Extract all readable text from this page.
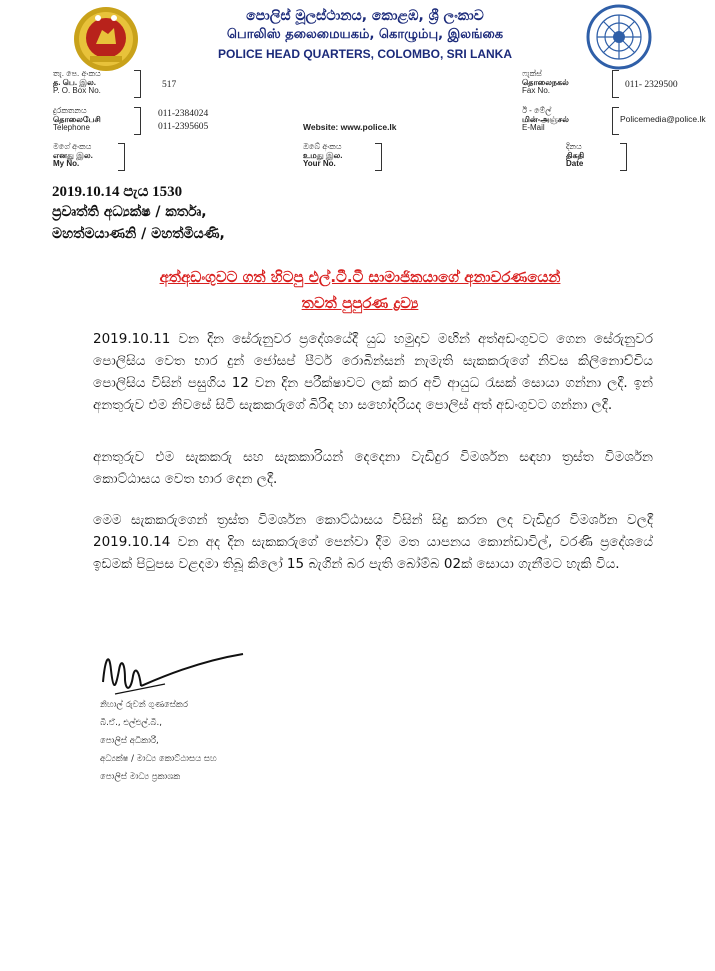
පොලිස් මූලස්ථානය, කොළඹ, ශ්‍රී ලංකාව
பொலிஸ் தலைமையகம், கொழும்பு, இலங்கை
POLICE HEAD QUARTERS, COLOMBO, SRI LANKA
තැ. පෙ. අංකය
த. பெ. இல.
P. O. Box No.
517
ෆැක්ස්
தொலைநகல்
Fax No.
011- 2329500
දුරකතනය
தொலைபேசி
Telephone
011-2384024
011-2395605	Website: www.police.lk
ඊ - මේල්
மின்-அஞ்சல்
E-Mail
Policemedia@police.lk
මගේ අංකය
எனது இல.
My No.
ඔබේ අංකය
உமது இல.
Your No.
දිනය
திகதி
Date
2019.10.14 පැය 1530
ප්‍රවෘත්ති අධ්‍යක්ෂ / කර්තෘ,
මහත්මයාණනි / මහත්මියණි,
අත්අඩංගුවට ගත් හිටපු එල්.ටී.ටී සාමාජිකයාගේ අනාවරණයෙන්
තවත් පුපුරණ ද්‍රව්‍ය
2019.10.11 වන දින සේරුනුවර ප්‍රදේශයේදී යුධ හමුදාව මඟින් අත්අඩංගුවට ගෙන සේරුනුවර පොලිසිය වෙත භාර දුන් ජෝසප් පීටර් රොබින්සන් නැමැති සැකකරුගේ නිවස කිලිනොච්චිය පොලිසිය විසින් පසුගිය 12 වන දින පරීක්ෂාවට ලක් කර අවි ආයුධ රැසක් සොයා ගන්නා ලදී. ඉන් අනතුරුව එම නිවසේ සිටි සැකකරුගේ බිරිඳ හා සහෝදරියද පොලිස් අත් අඩංගුවට ගන්නා ලදී.
අනතුරුව එම සැකකරු සහ සැකකාරියන් දෙදෙනා වැඩිදුර විමර්ශන සඳහා ත්‍රස්ත විමර්ශන කොට්ඨාසය වෙත භාර දෙන ලදී.
මෙම සැකකරුගෙන් ත්‍රස්ත විමර්ශන කොට්ඨාසය විසින් සිදු කරන ලද වැඩිදුර විමර්ශන වලදී 2019.10.14 වන අද දින සැකකරුගේ පෙන්වා දීම මත යාපනය කොන්ඩාවිල්, වරණි ප්‍රදේශයේ ඉඩමක් පිටුපස වළදමා තිබූ කිලෝ 15 බැගින් බර පැති බෝම්බ 02ක් සොයා ගැනීමට හැකි විය.
නිහාල් රුවන් ගුණසේකර
බී.ඒ., එල්එල්.බී.,
පොලිස් අධිකාරී,
අධ්‍යක්ෂ / මාධ්‍ය කොට්ඨාසය සහ
පොලිස් මාධ්‍ය ප්‍රකාශක
